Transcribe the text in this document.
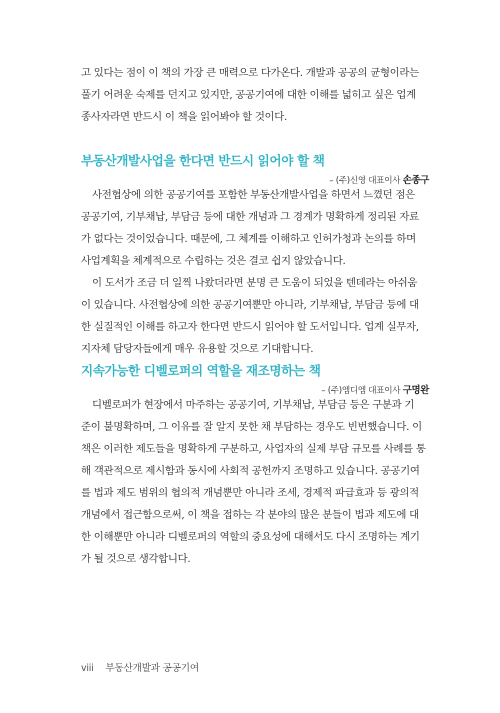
고 있다는 점이 이 책의 가장 큰 매력으로 다가온다. 개발과 공공의 균형이라는

풀기 어려운 숙제를 던지고 있지만, 공공기여에 대한 이해를 넓히고 싶은 업계

종사자라면 반드시 이 책을 읽어봐야 할 것이다.

부동산개발사업을 한다면 반드시 읽어야 할 책

– (주)신영 대표이사 손종구

사전협상에 의한 공공기여를 포함한 부동산개발사업을 하면서 느꼈던 점은

공공기여, 기부채납, 부담금 등에 대한 개념과 그 경계가 명확하게 정리된 자료

가 없다는 것이었습니다. 때문에, 그 체계를 이해하고 인허가청과 논의를 하며

사업계획을 체계적으로 수립하는 것은 결코 쉽지 않았습니다.

이 도서가 조금 더 일찍 나왔더라면 분명 큰 도움이 되었을 텐데라는 아쉬움

이 있습니다. 사전협상에 의한 공공기여뿐만 아니라, 기부채납, 부담금 등에 대

한 실질적인 이해를 하고자 한다면 반드시 읽어야 할 도서입니다. 업계 실무자,

지자체 담당자들에게 매우 유용할 것으로 기대합니다.

지속가능한 디벨로퍼의 역할을 재조명하는 책

– (주)엠디엠 대표이사 구명완

디벨로퍼가 현장에서 마주하는 공공기여, 기부채납, 부담금 등은 구분과 기

준이 불명확하며, 그 이유를 잘 알지 못한 채 부담하는 경우도 빈번했습니다. 이

책은 이러한 제도들을 명확하게 구분하고, 사업자의 실제 부담 규모를 사례를 통

해 객관적으로 제시함과 동시에 사회적 공헌까지 조명하고 있습니다. 공공기여

를 법과 제도 범위의 협의적 개념뿐만 아니라 조세, 경제적 파급효과 등 광의적

개념에서 접근함으로써, 이 책을 접하는 각 분야의 많은 분들이 법과 제도에 대

한 이해뿐만 아니라 디벨로퍼의 역할의 중요성에 대해서도 다시 조명하는 계기

가 될 것으로 생각합니다.

viii 부동산개발과 공공기여
